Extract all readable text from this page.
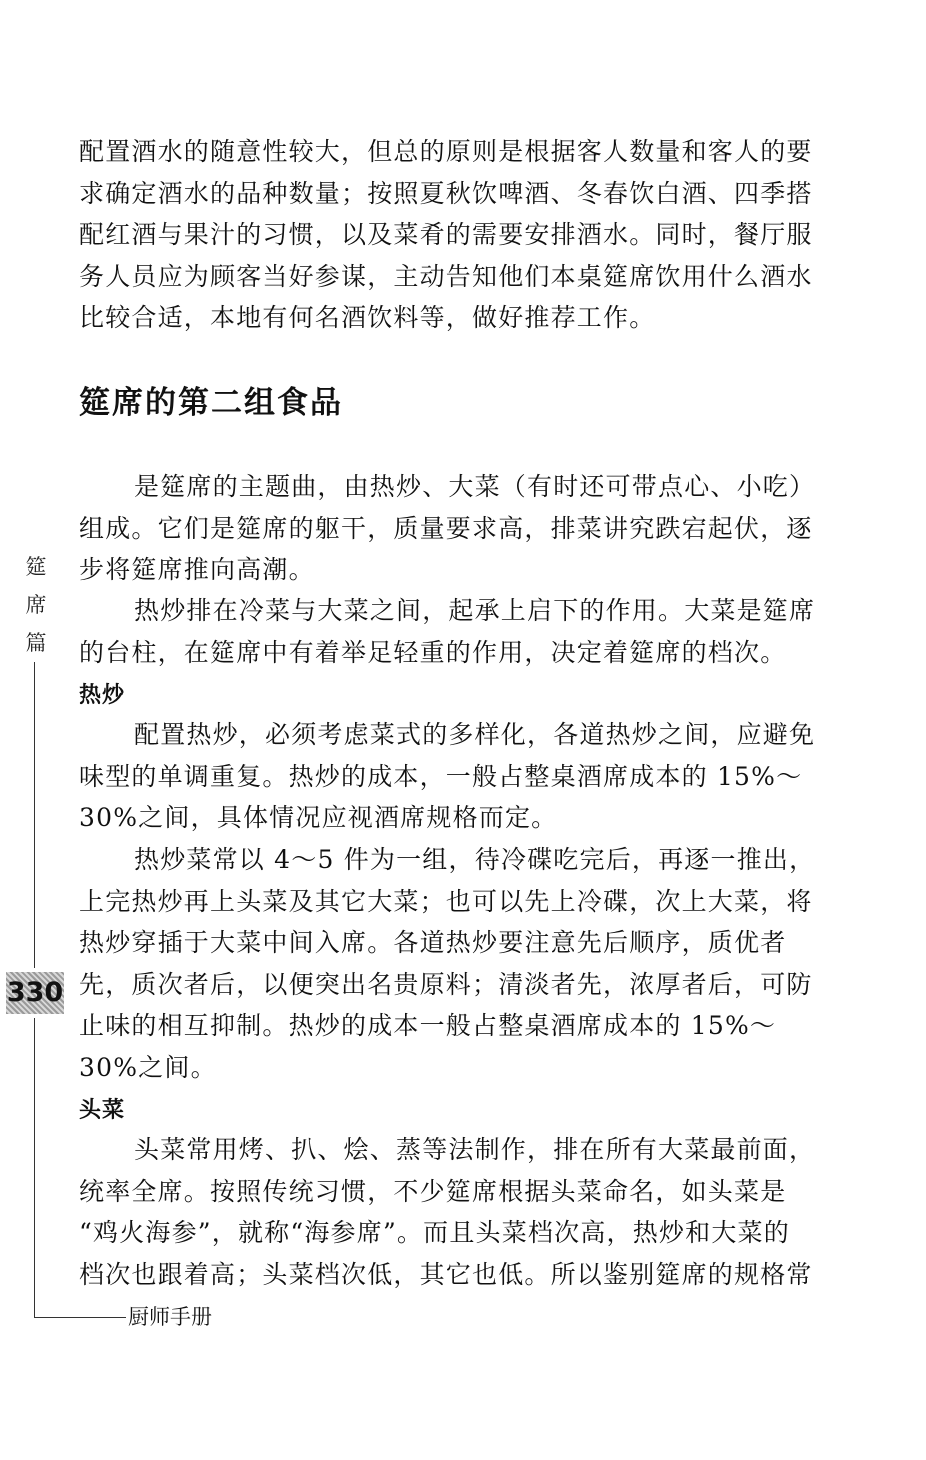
配置酒水的随意性较大，但总的原则是根据客人数量和客人的要
求确定酒水的品种数量；按照夏秋饮啤酒、冬春饮白酒、四季搭
配红酒与果汁的习惯，以及菜肴的需要安排酒水。同时，餐厅服
务人员应为顾客当好参谋，主动告知他们本桌筵席饮用什么酒水
比较合适，本地有何名酒饮料等，做好推荐工作。
筵席的第二组食品
是筵席的主题曲，由热炒、大菜（有时还可带点心、小吃）
组成。它们是筵席的躯干，质量要求高，排菜讲究跌宕起伏，逐
步将筵席推向高潮。
热炒排在冷菜与大菜之间，起承上启下的作用。大菜是筵席
的台柱，在筵席中有着举足轻重的作用，决定着筵席的档次。
热炒
配置热炒，必须考虑菜式的多样化，各道热炒之间，应避免
味型的单调重复。热炒的成本，一般占整桌酒席成本的 15%～
30%之间，具体情况应视酒席规格而定。
热炒菜常以 4～5 件为一组，待冷碟吃完后，再逐一推出，
上完热炒再上头菜及其它大菜；也可以先上冷碟，次上大菜，将
热炒穿插于大菜中间入席。各道热炒要注意先后顺序，质优者
先，质次者后，以便突出名贵原料；清淡者先，浓厚者后，可防
止味的相互抑制。热炒的成本一般占整桌酒席成本的 15%～
30%之间。
头菜
头菜常用烤、扒、烩、蒸等法制作，排在所有大菜最前面，
统率全席。按照传统习惯，不少筵席根据头菜命名，如头菜是
“鸡火海参”，就称“海参席”。而且头菜档次高，热炒和大菜的
档次也跟着高；头菜档次低，其它也低。所以鉴别筵席的规格常
筵
席
篇
330
厨师手册
